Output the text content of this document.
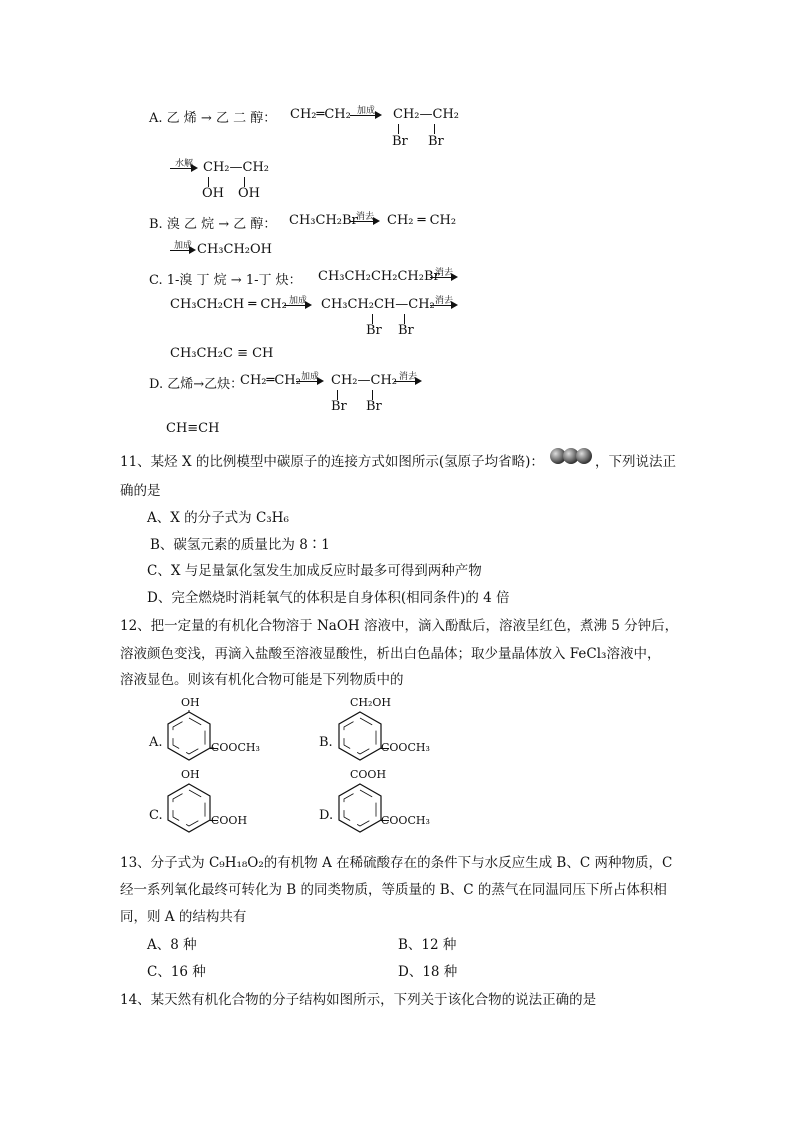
A. 乙 烯 → 乙 二 醇： CH₂═CH₂ 加成	CH₂—CH₂
Br Br
水解 CH₂—CH₂
OH OH
B. 溴 乙 烷 → 乙 醇： CH₃CH₂Br
消去	CH₂ ═ CH₂
加成 CH₃CH₂OH
C. 1-溴 丁 烷 → 1-丁 炔： CH₃CH₂CH₂CH₂Br
消去
CH₃CH₂CH ═ CH₂ 加成	CH₃CH₂CH—CH₂
Br Br
消去
CH₃CH₂C ≡ CH
D. 乙烯→乙炔：
CH₂═CH₂ 加成 CH₂—CH₂
Br Br
消去
CH≡CH
11、某烃 X 的比例模型中碳原子的连接方式如图所示(氢原子均省略)：	，下列说法正
确的是
A、X 的分子式为 C₃H₆
B、碳氢元素的质量比为 8∶1
C、X 与足量氯化氢发生加成反应时最多可得到两种产物
D、完全燃烧时消耗氧气的体积是自身体积(相同条件)的 4 倍
12、把一定量的有机化合物溶于 NaOH 溶液中，滴入酚酞后，溶液呈红色，煮沸 5 分钟后，
溶液颜色变浅，再滴入盐酸至溶液显酸性，析出白色晶体；取少量晶体放入 FeCl₃溶液中，
溶液显色。则该有机化合物可能是下列物质中的
A.
OH
COOCH₃	B.
CH₂OH
COOCH₃
C.
OH
COOH	D.
COOH
COOCH₃
13、分子式为 C₉H₁₈O₂的有机物 A 在稀硫酸存在的条件下与水反应生成 B、C 两种物质，C
经一系列氧化最终可转化为 B 的同类物质，等质量的 B、C 的蒸气在同温同压下所占体积相
同，则 A 的结构共有
A、8 种	B、12 种
C、16 种	D、18 种
14、某天然有机化合物的分子结构如图所示，下列关于该化合物的说法正确的是
